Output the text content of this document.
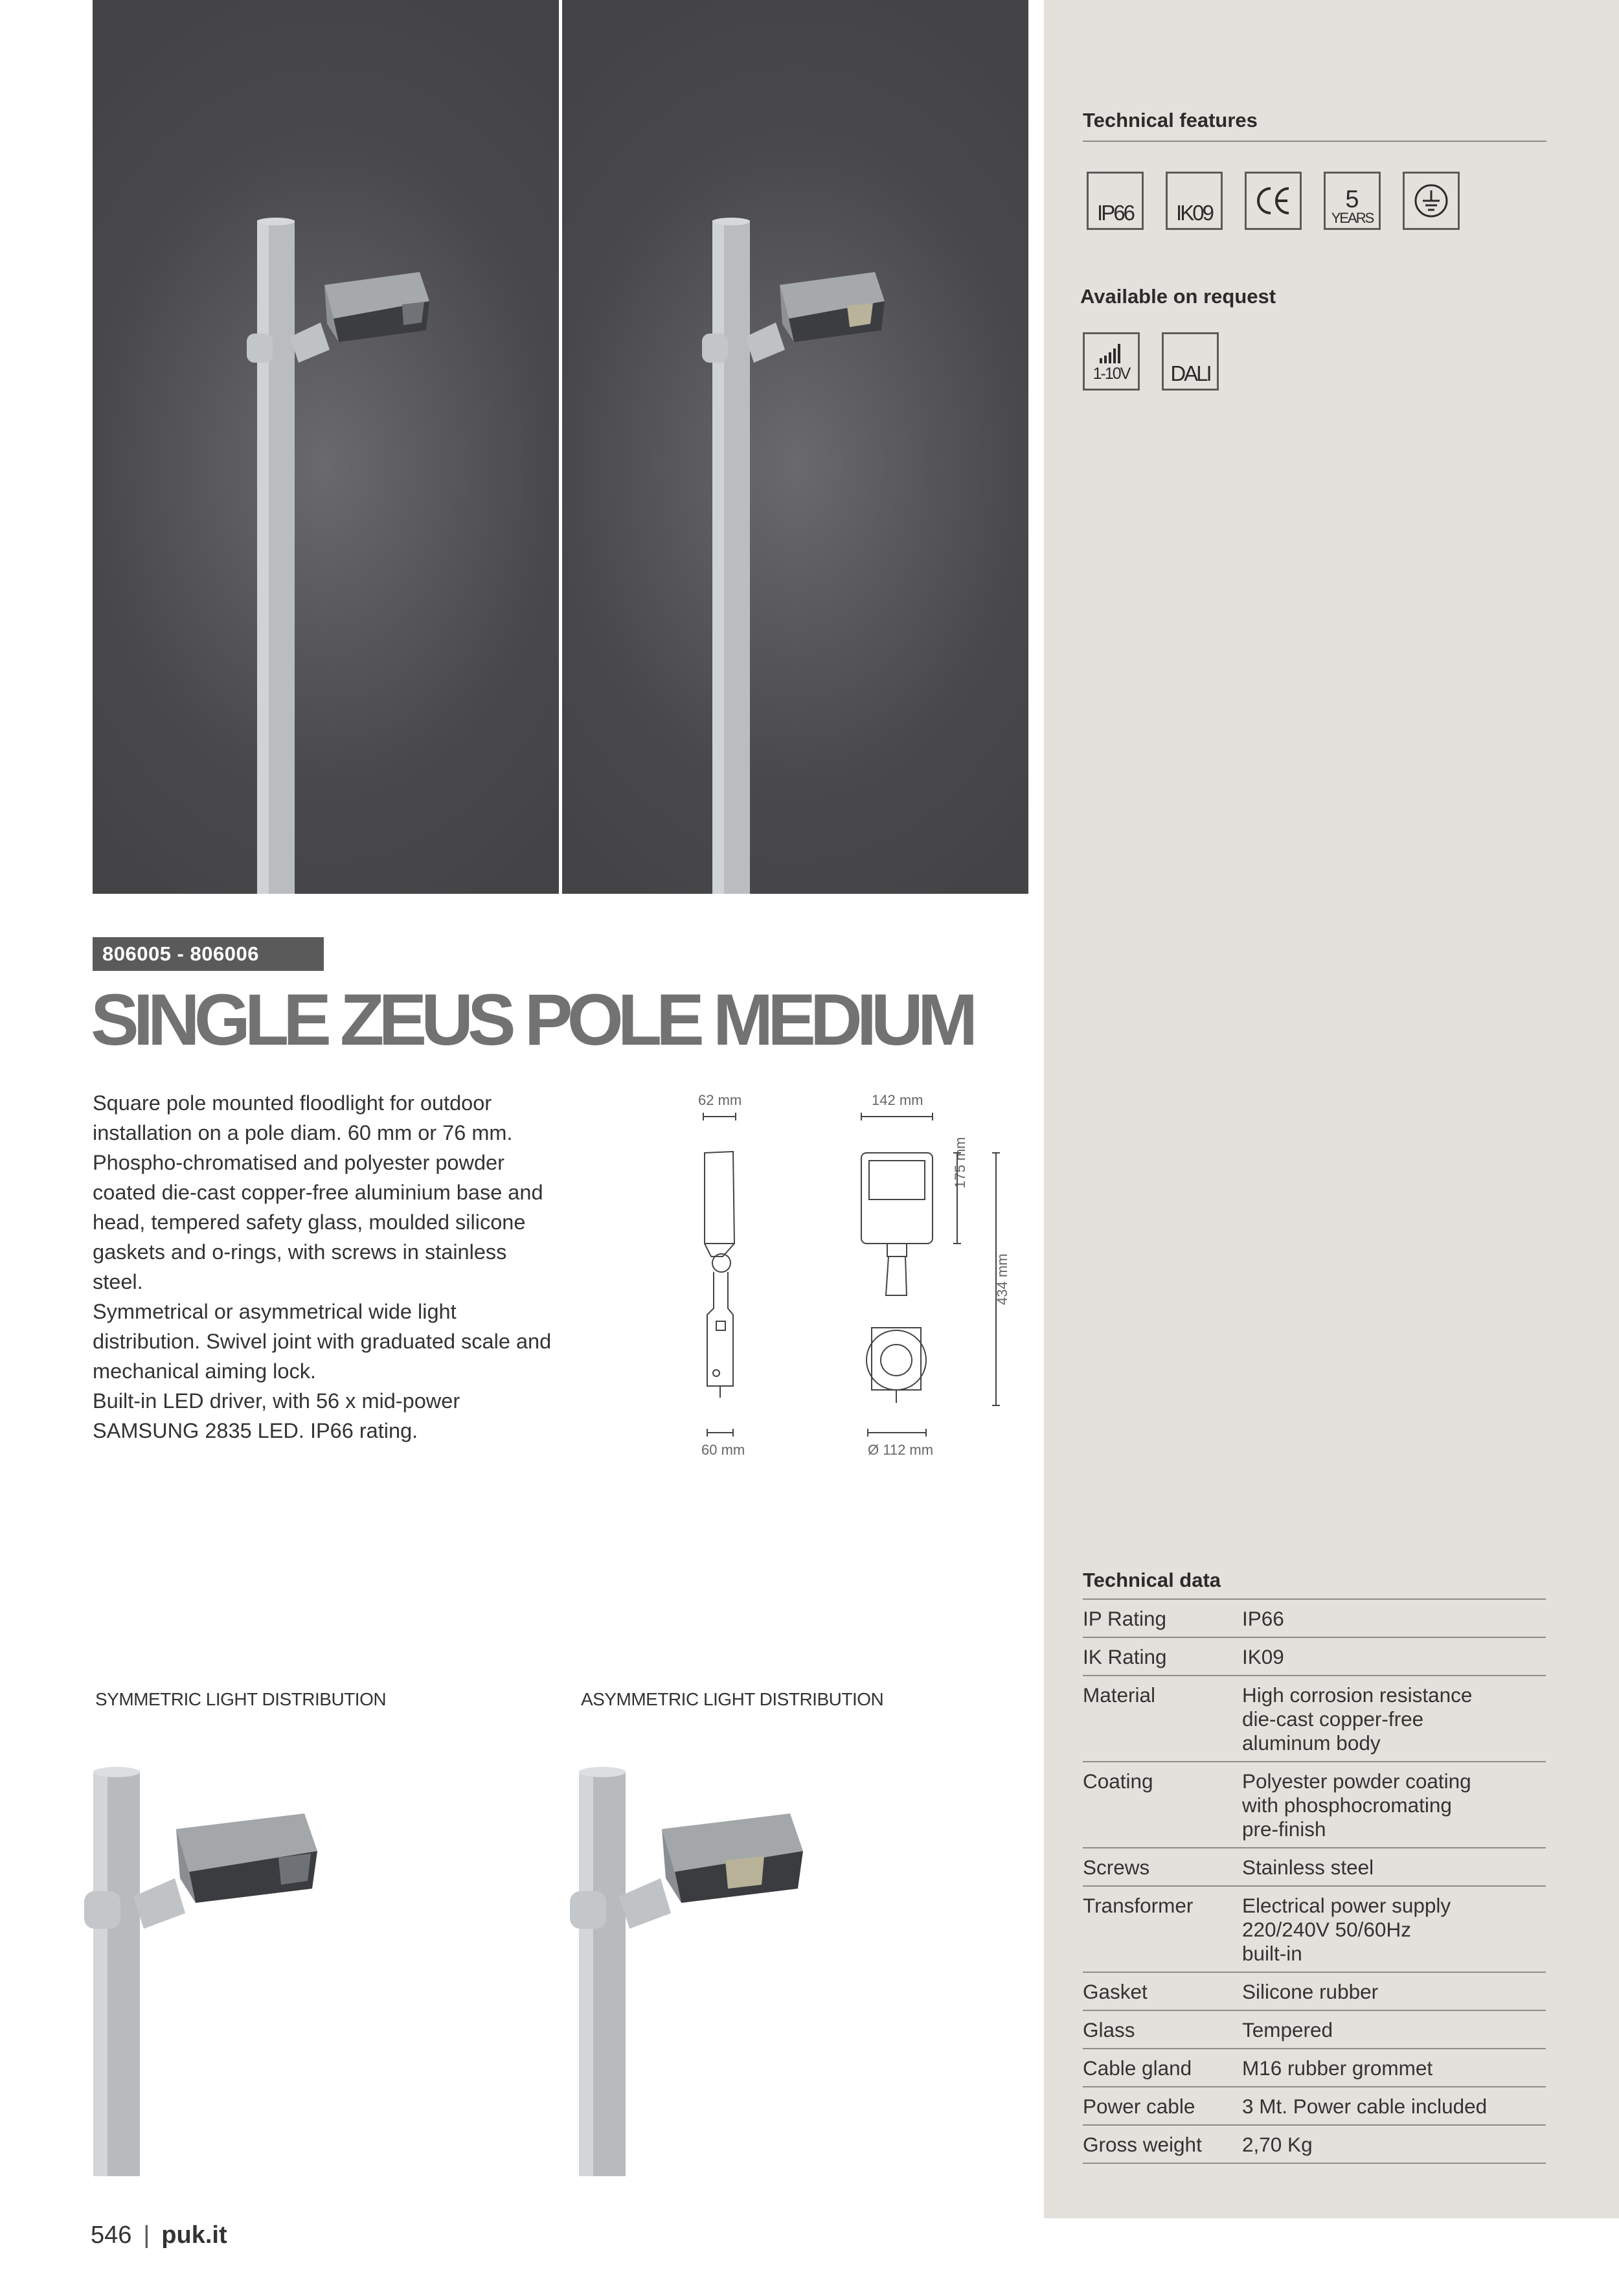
Technical features
IP66 IK09	5
YEARS
Available on request
1-10V DALI
806005 - 806006
SINGLE ZEUS POLE MEDIUM

Square pole mounted floodlight for outdoor installation on a pole diam. 60 mm or 76 mm. Phospho-chromatised and polyester powder coated die-cast copper-free aluminium base and head, tempered safety glass, moulded silicone gaskets and o-rings, with screws in stainless steel.

Symmetrical or asymmetrical wide light distribution. Swivel joint with graduated scale and mechanical aiming lock.

Built-in LED driver, with 56 x mid-power SAMSUNG 2835 LED. IP66 rating.

62 mm	142 mm
60 mm	Ø 112 mm
175 mm
434 mm
SYMMETRIC LIGHT DISTRIBUTION	ASYMMETRIC LIGHT DISTRIBUTION
Technical data
IP Rating	IP66
IK Rating	IK09
Material	High corrosion resistance
die-cast copper-free
aluminum body
Coating	Polyester powder coating
with phosphocromating
pre-finish
Screws	Stainless steel
Transformer	Electrical power supply
220/240V 50/60Hz
built-in
Gasket	Silicone rubber
Glass	Tempered
Cable gland	M16 rubber grommet
Power cable	3 Mt. Power cable included
Gross weight	2,70 Kg
546 | puk.it
